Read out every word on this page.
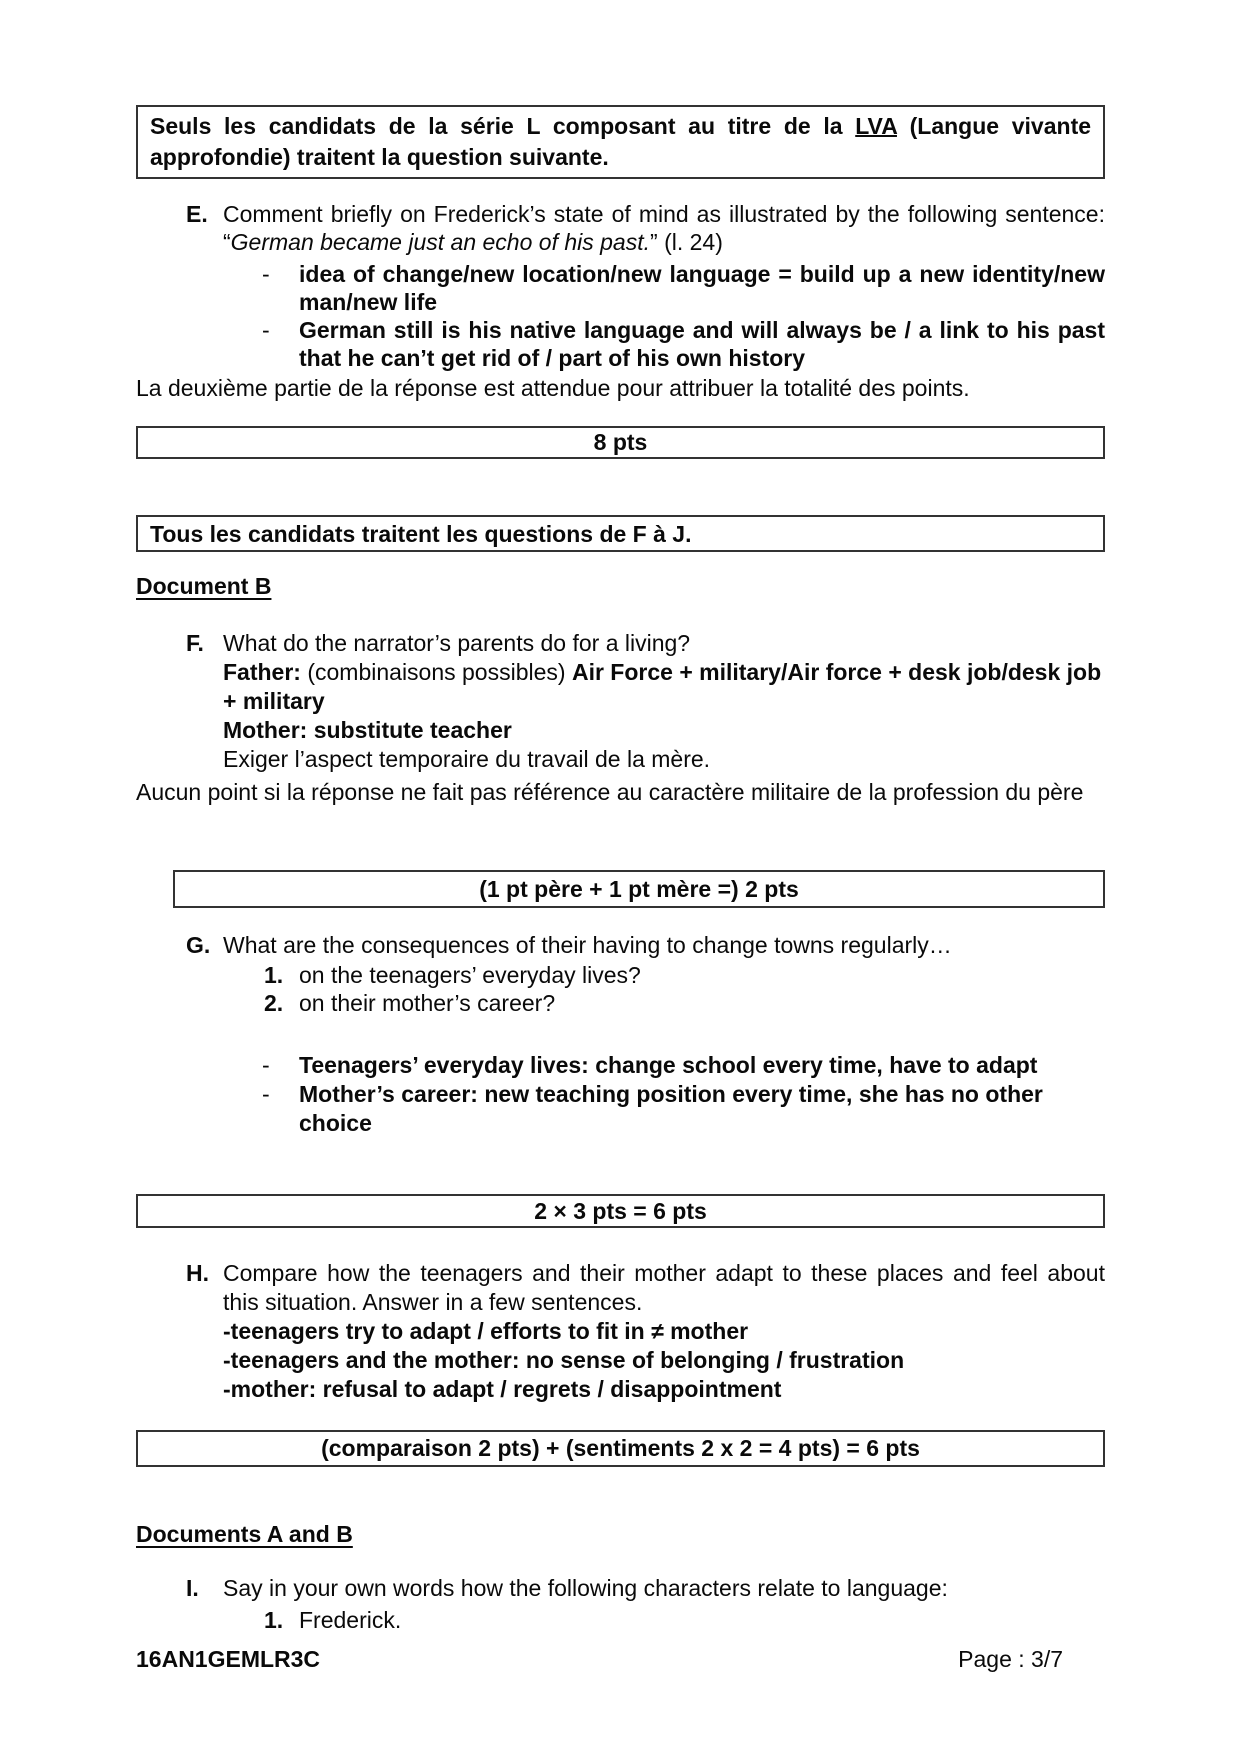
Seuls les candidats de la série L composant au titre de la LVA (Langue vivante approfondie) traitent la question suivante.
E. Comment briefly on Frederick’s state of mind as illustrated by the following sentence: “German became just an echo of his past.” (l. 24)
-	idea of change/new location/new language = build up a new identity/new man/new life
-	German still is his native language and will always be / a link to his past that he can’t get rid of / part of his own history

La deuxième partie de la réponse est attendue pour attribuer la totalité des points.

8 pts
Tous les candidats traitent les questions de F à J.
Document B
F. What do the narrator’s parents do for a living?
Father: (combinaisons possibles) Air Force + military/Air force + desk job/desk job + military
Mother: substitute teacher
Exiger l’aspect temporaire du travail de la mère.

Aucun point si la réponse ne fait pas référence au caractère militaire de la profession du père

(1 pt père + 1 pt mère =) 2 pts
G. What are the consequences of their having to change towns regularly…
1. on the teenagers’ everyday lives?
2. on their mother’s career?
-	Teenagers’ everyday lives: change school every time, have to adapt
-	Mother’s career: new teaching position every time, she has no other choice
2 × 3 pts = 6 pts
H. Compare how the teenagers and their mother adapt to these places and feel about this situation. Answer in a few sentences.
-teenagers try to adapt / efforts to fit in ≠ mother
-teenagers and the mother: no sense of belonging / frustration
-mother: refusal to adapt / regrets / disappointment
(comparaison 2 pts) + (sentiments 2 x 2 = 4 pts) = 6 pts
Documents A and B
I.	Say in your own words how the following characters relate to language:
1. Frederick.
16AN1GEMLR3C	Page : 3/7
